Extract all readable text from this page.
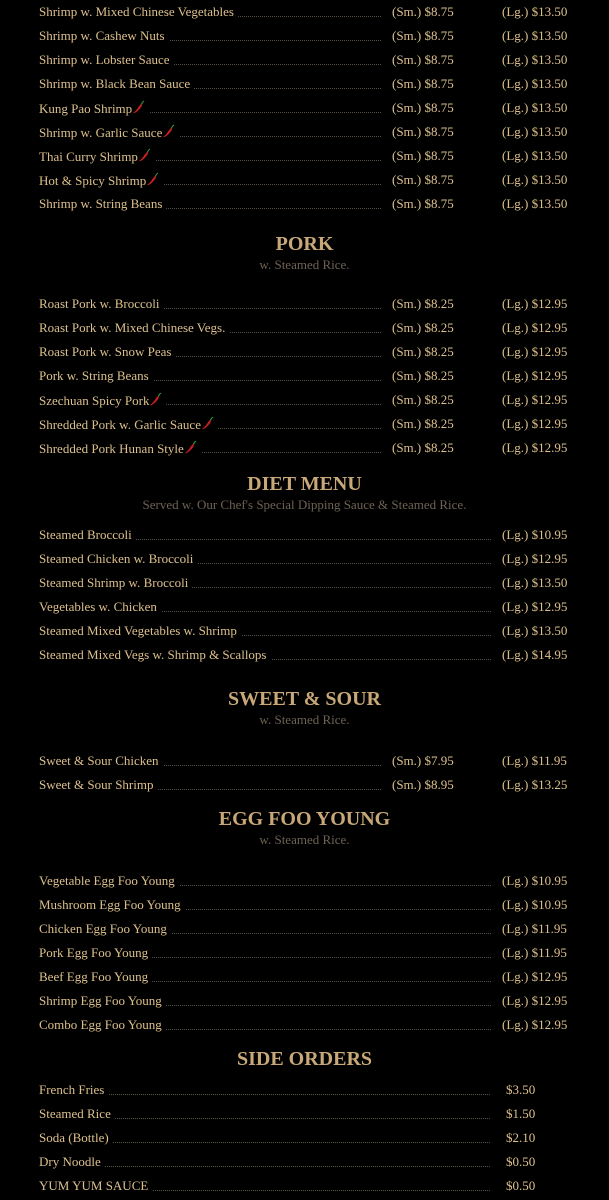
Shrimp w. Mixed Chinese Vegetables	(Sm.) $8.75	(Lg.) $13.50
Shrimp w. Cashew Nuts	(Sm.) $8.75	(Lg.) $13.50
Shrimp w. Lobster Sauce	(Sm.) $8.75	(Lg.) $13.50
Shrimp w. Black Bean Sauce	(Sm.) $8.75	(Lg.) $13.50
Kung Pao Shrimp	(Sm.) $8.75	(Lg.) $13.50
Shrimp w. Garlic Sauce	(Sm.) $8.75	(Lg.) $13.50
Thai Curry Shrimp	(Sm.) $8.75	(Lg.) $13.50
Hot & Spicy Shrimp	(Sm.) $8.75	(Lg.) $13.50
Shrimp w. String Beans	(Sm.) $8.75	(Lg.) $13.50
PORK
w. Steamed Rice.
Roast Pork w. Broccoli	(Sm.) $8.25	(Lg.) $12.95
Roast Pork w. Mixed Chinese Vegs.	(Sm.) $8.25	(Lg.) $12.95
Roast Pork w. Snow Peas	(Sm.) $8.25	(Lg.) $12.95
Pork w. String Beans	(Sm.) $8.25	(Lg.) $12.95
Szechuan Spicy Pork	(Sm.) $8.25	(Lg.) $12.95
Shredded Pork w. Garlic Sauce	(Sm.) $8.25	(Lg.) $12.95
Shredded Pork Hunan Style	(Sm.) $8.25	(Lg.) $12.95
DIET MENU
Served w. Our Chef's Special Dipping Sauce & Steamed Rice.
Steamed Broccoli	(Lg.) $10.95
Steamed Chicken w. Broccoli	(Lg.) $12.95
Steamed Shrimp w. Broccoli	(Lg.) $13.50
Vegetables w. Chicken	(Lg.) $12.95
Steamed Mixed Vegetables w. Shrimp	(Lg.) $13.50
Steamed Mixed Vegs w. Shrimp & Scallops	(Lg.) $14.95
SWEET & SOUR
w. Steamed Rice.
Sweet & Sour Chicken	(Sm.) $7.95	(Lg.) $11.95
Sweet & Sour Shrimp	(Sm.) $8.95	(Lg.) $13.25
EGG FOO YOUNG
w. Steamed Rice.
Vegetable Egg Foo Young	(Lg.) $10.95
Mushroom Egg Foo Young	(Lg.) $10.95
Chicken Egg Foo Young	(Lg.) $11.95
Pork Egg Foo Young	(Lg.) $11.95
Beef Egg Foo Young	(Lg.) $12.95
Shrimp Egg Foo Young	(Lg.) $12.95
Combo Egg Foo Young	(Lg.) $12.95
SIDE ORDERS
French Fries	$3.50
Steamed Rice	$1.50
Soda (Bottle)	$2.10
Dry Noodle	$0.50
YUM YUM SAUCE	$0.50
